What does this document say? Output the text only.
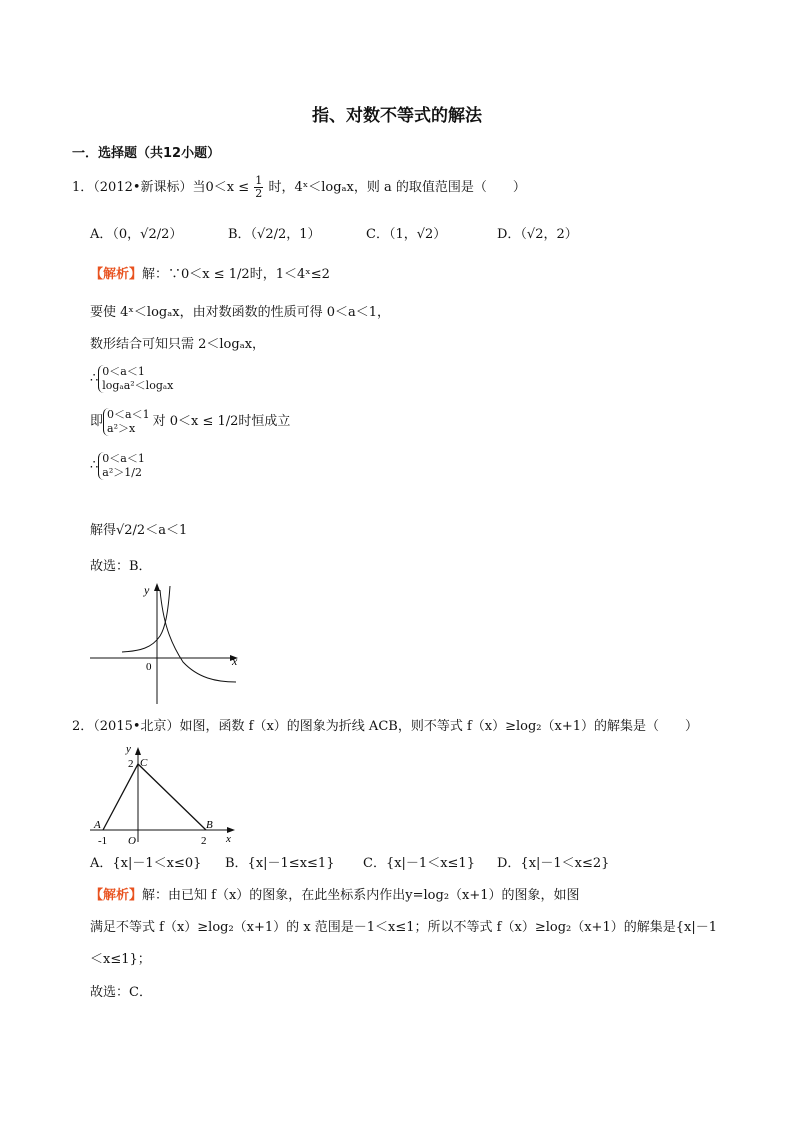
指、对数不等式的解法
一．选择题（共12小题）
1．（2012•新课标）当$0<x \le \frac{1}{2}$ 时，4ˣ＜logₐx，则 a 的取值范围是（　　）
A．（0，√2/2）	B．（√2/2，1）	C．（1，√2）	D．（√2，2）
【解析】解：∵0＜x ≤ 1/2时，1＜4ˣ≤2
要使 4ˣ＜logₐx，由对数函数的性质可得 0＜a＜1，
数形结合可知只需 2＜logₐx，
∴ 0＜a＜1
logₐa²＜logₐx
即 0＜a＜1
a²＞x	对 0＜x ≤ 1/2时恒成立
∴ 0＜a＜1
a²＞1/2
解得√2/2＜a＜1
故选：B．
y
x
0
2．（2015•北京）如图，函数 f（x）的图象为折线 ACB，则不等式 f（x）≥log₂（x+1）的解集是（　　）
y
x
C
2
A	B
-1 O	2
A．{x|－1＜x≤0} B．{x|－1≤x≤1} C．{x|－1＜x≤1} D．{x|－1＜x≤2}
【解析】解：由已知 f（x）的图象，在此坐标系内作出y=log₂（x+1）的图象，如图
满足不等式 f（x）≥log₂（x+1）的 x 范围是－1＜x≤1；所以不等式 f（x）≥log₂（x+1）的解集是{x|－1
＜x≤1}；
故选：C．
